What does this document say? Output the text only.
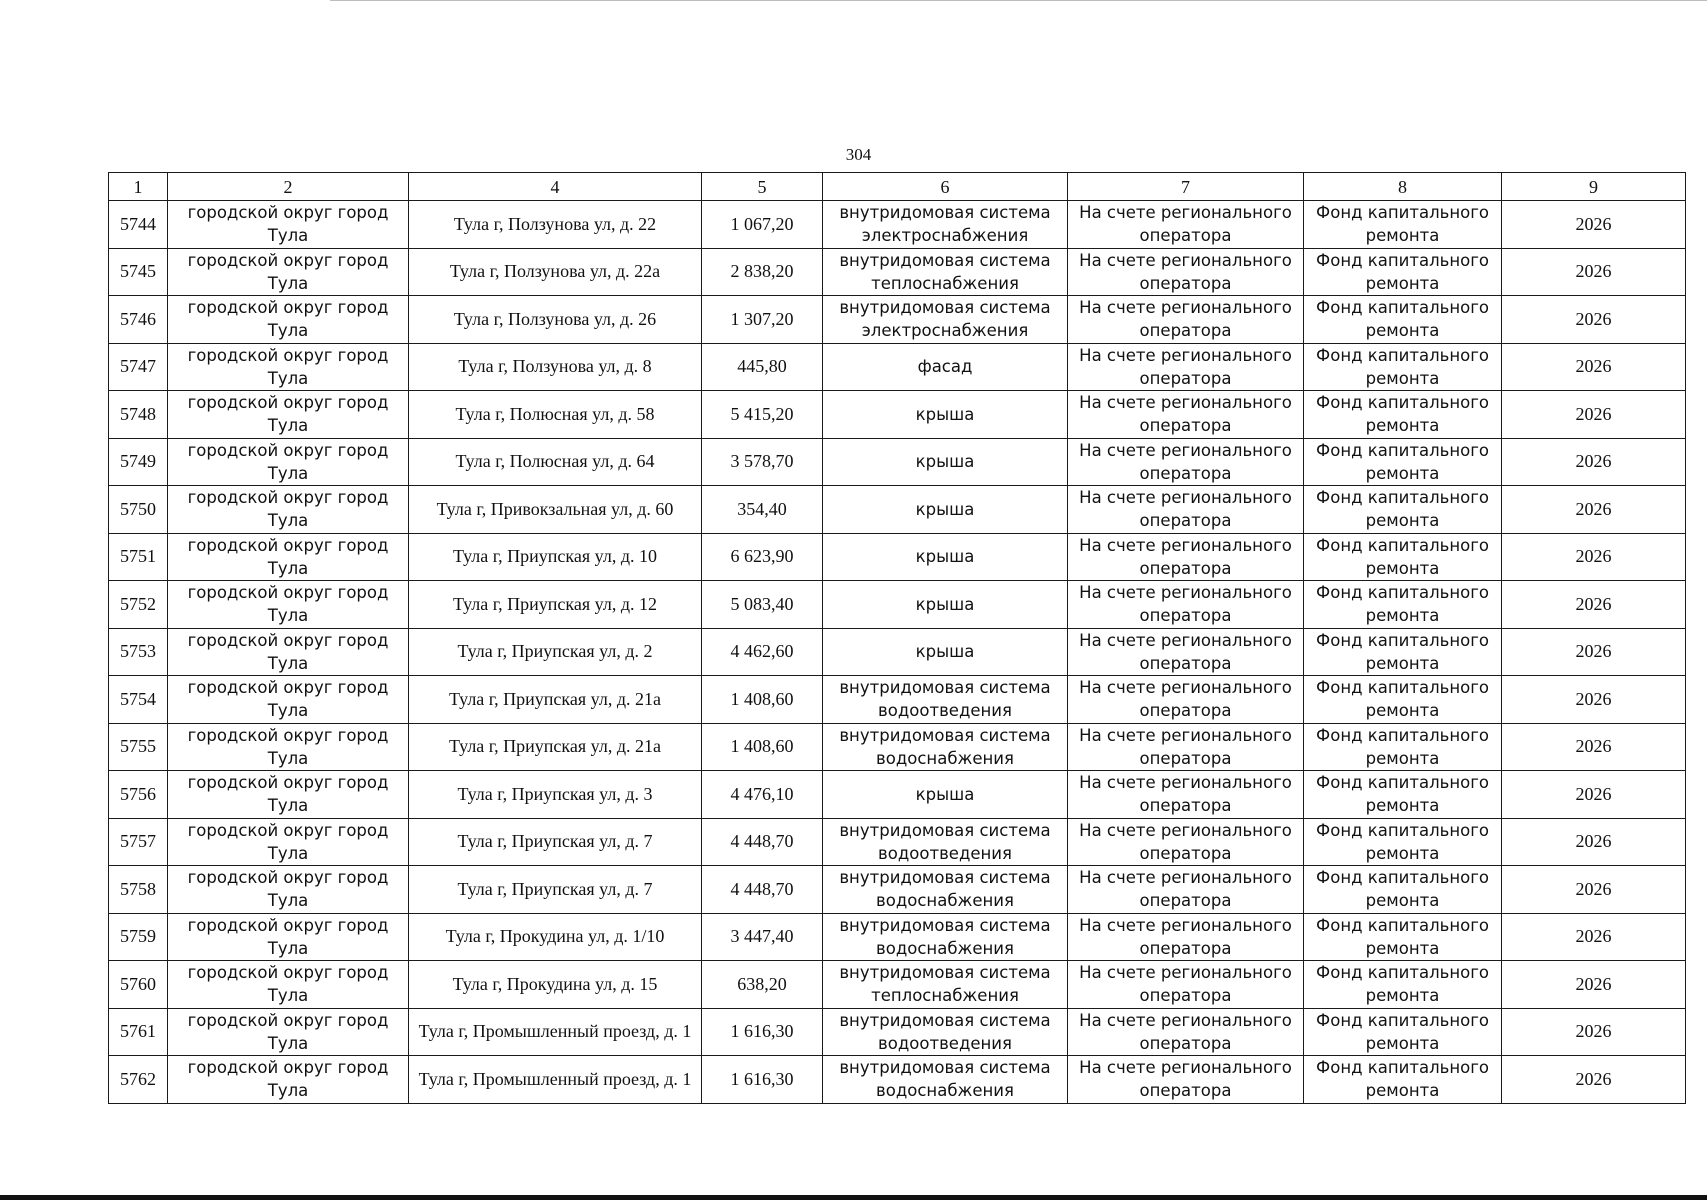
304
1	2	4	5	6	7	8	9
5744	городской округ город Тула	Тула г, Ползунова ул, д. 22	1 067,20	внутридомовая система электроснабжения	На счете регионального оператора	Фонд капитального ремонта	2026
5745	городской округ город Тула	Тула г, Ползунова ул, д. 22а	2 838,20	внутридомовая система теплоснабжения	На счете регионального оператора	Фонд капитального ремонта	2026
5746	городской округ город Тула	Тула г, Ползунова ул, д. 26	1 307,20	внутридомовая система электроснабжения	На счете регионального оператора	Фонд капитального ремонта	2026
5747	городской округ город Тула	Тула г, Ползунова ул, д. 8	445,80	фасад	На счете регионального оператора	Фонд капитального ремонта	2026
5748	городской округ город Тула	Тула г, Полюсная ул, д. 58	5 415,20	крыша	На счете регионального оператора	Фонд капитального ремонта	2026
5749	городской округ город Тула	Тула г, Полюсная ул, д. 64	3 578,70	крыша	На счете регионального оператора	Фонд капитального ремонта	2026
5750	городской округ город Тула	Тула г, Привокзальная ул, д. 60	354,40	крыша	На счете регионального оператора	Фонд капитального ремонта	2026
5751	городской округ город Тула	Тула г, Приупская ул, д. 10	6 623,90	крыша	На счете регионального оператора	Фонд капитального ремонта	2026
5752	городской округ город Тула	Тула г, Приупская ул, д. 12	5 083,40	крыша	На счете регионального оператора	Фонд капитального ремонта	2026
5753	городской округ город Тула	Тула г, Приупская ул, д. 2	4 462,60	крыша	На счете регионального оператора	Фонд капитального ремонта	2026
5754	городской округ город Тула	Тула г, Приупская ул, д. 21а	1 408,60	внутридомовая система водоотведения	На счете регионального оператора	Фонд капитального ремонта	2026
5755	городской округ город Тула	Тула г, Приупская ул, д. 21а	1 408,60	внутридомовая система водоснабжения	На счете регионального оператора	Фонд капитального ремонта	2026
5756	городской округ город Тула	Тула г, Приупская ул, д. 3	4 476,10	крыша	На счете регионального оператора	Фонд капитального ремонта	2026
5757	городской округ город Тула	Тула г, Приупская ул, д. 7	4 448,70	внутридомовая система водоотведения	На счете регионального оператора	Фонд капитального ремонта	2026
5758	городской округ город Тула	Тула г, Приупская ул, д. 7	4 448,70	внутридомовая система водоснабжения	На счете регионального оператора	Фонд капитального ремонта	2026
5759	городской округ город Тула	Тула г, Прокудина ул, д. 1/10	3 447,40	внутридомовая система водоснабжения	На счете регионального оператора	Фонд капитального ремонта	2026
5760	городской округ город Тула	Тула г, Прокудина ул, д. 15	638,20	внутридомовая система теплоснабжения	На счете регионального оператора	Фонд капитального ремонта	2026
5761	городской округ город Тула	Тула г, Промышленный проезд, д. 1	1 616,30	внутридомовая система водоотведения	На счете регионального оператора	Фонд капитального ремонта	2026
5762	городской округ город Тула	Тула г, Промышленный проезд, д. 1	1 616,30	внутридомовая система водоснабжения	На счете регионального оператора	Фонд капитального ремонта	2026
